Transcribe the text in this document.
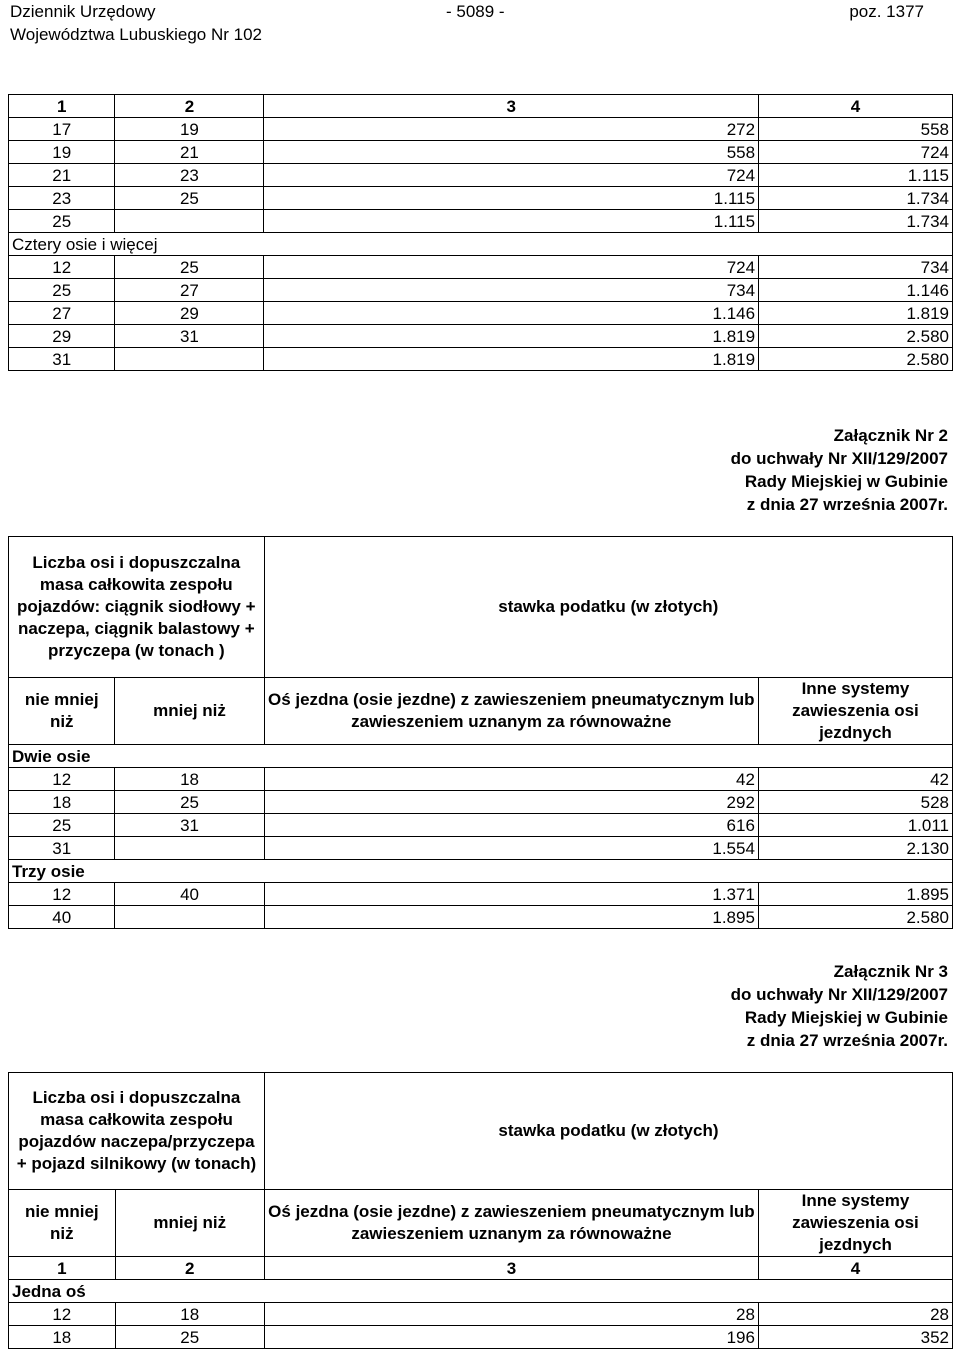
Dziennik Urzędowy
Województwa Lubuskiego Nr 102
- 5089 -	poz. 1377
1	2	3	4
17	19	272	558
19	21	558	724
21	23	724	1.115
23	25	1.115	1.734
25		1.115	1.734
Cztery osie i więcej			
12	25	724	734
25	27	734	1.146
27	29	1.146	1.819
29	31	1.819	2.580
31		1.819	2.580
Załącznik Nr 2
do uchwały Nr XII/129/2007
Rady Miejskiej w Gubinie
z dnia 27 września 2007r.
Liczba osi i dopuszczalna masa całkowita zespołu pojazdów: ciągnik siodłowy + naczepa, ciągnik balastowy + przyczepa (w tonach )		stawka podatku (w złotych)	
nie mniej niż	mniej niż	Oś jezdna (osie jezdne) z zawieszeniem pneumatycznym lub zawieszeniem uznanym za równoważne	Inne systemy zawieszenia osi jezdnych
Dwie osie			
12	18	42	42
18	25	292	528
25	31	616	1.011
31		1.554	2.130
Trzy osie			
12	40	1.371	1.895
40		1.895	2.580
Załącznik Nr 3
do uchwały Nr XII/129/2007
Rady Miejskiej w Gubinie
z dnia 27 września 2007r.
Liczba osi i dopuszczalna masa całkowita zespołu pojazdów naczepa/przyczepa + pojazd silnikowy (w tonach)		stawka podatku (w złotych)	
nie mniej niż	mniej niż	Oś jezdna (osie jezdne) z zawieszeniem pneumatycznym lub zawieszeniem uznanym za równoważne	Inne systemy zawieszenia osi jezdnych
1	2	3	4
Jedna oś			
12	18	28	28
18	25	196	352
